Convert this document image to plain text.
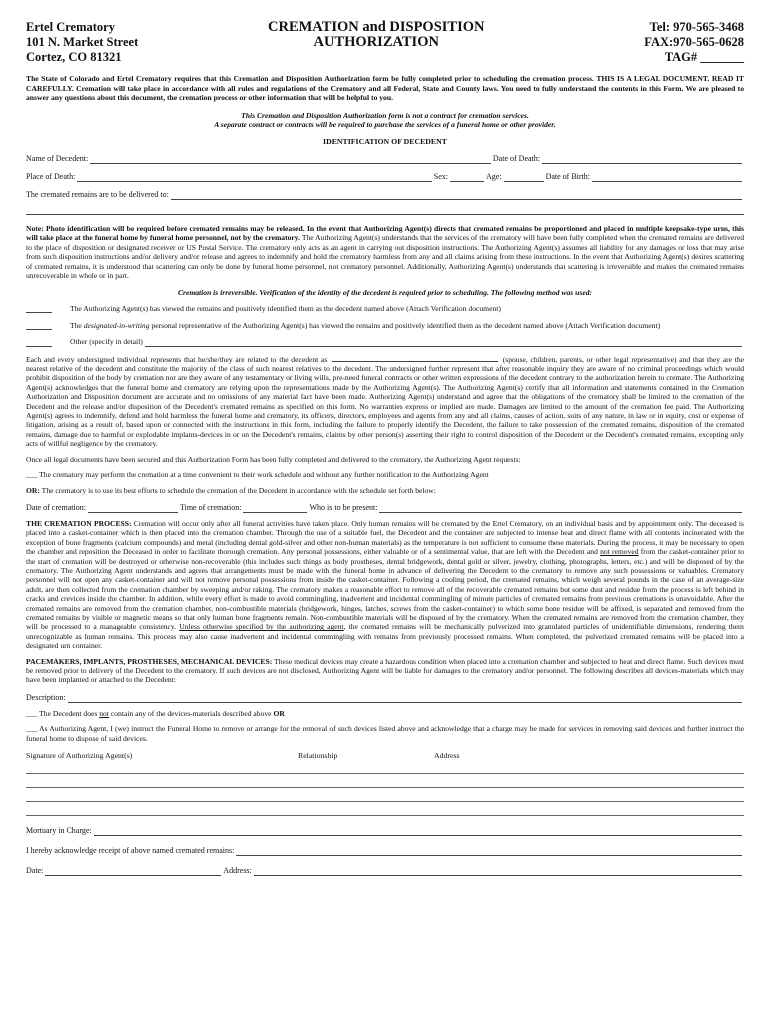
Ertel Crematory
101 N. Market Street
Cortez, CO 81321
CREMATION and DISPOSITION
AUTHORIZATION
Tel: 970-565-3468
FAX:970-565-0628
TAG# _______
The State of Colorado and Ertel Crematory requires that this Cremation and Disposition Authorization form be fully completed prior to scheduling the cremation process. THIS IS A LEGAL DOCUMENT. READ IT CAREFULLY. Cremation will take place in accordance with all rules and regulations of the Crematory and all Federal, State and County laws. You need to fully understand the contents in this Form. We are pleased to answer any questions about this document, the cremation process or other information that will be helpful to you.
This Cremation and Disposition Authorization form is not a contract for cremation services.
A separate contract or contracts will be required to purchase the services of a funeral home or other provider.
IDENTIFICATION OF DECEDENT
Name of Decedent:	Date of Death:
Place of Death:	Sex:	Age:	Date of Birth:
The cremated remains are to be delivered to:
Note: Photo identification will be required before cremated remains may be released. In the event that Authorizing Agent(s) directs that cremated remains be proportioned and placed in multiple keepsake-type urns, this will take place at the funeral home by funeral home personnel, not by the crematory. The Authorizing Agent(s) understands that the services of the crematory will have been fully completed when the cremated remains are delivered to the place of disposition or designated receiver or US Postal Service. The crematory only acts as an agent in carrying out disposition instructions. The Authorizing Agent(s) assumes all liability for any damages or loss that may arise from such disposition instructions and/or delivery and/or release and agrees to indemnify and hold the crematory harmless from any and all claims arising from these instructions. In the event that Authorizing Agent(s) desires scattering of cremated remains, it is understood that scattering can only be done by funeral home personnel, not crematory personnel. Additionally, Authorizing Agent(s) understands that scattering is irreversible and makes the cremated remains unrecoverable in whole or in part.
Cremation is irreversible. Verification of the identity of the decedent is required prior to scheduling. The following method was used:
The Authorizing Agent(s) has viewed the remains and positively identified them as the decedent named above (Attach Verification document)
The designated-in-writing personal representative of the Authorizing Agent(s) has viewed the remains and positively identified them as the decedent named above (Attach Verification document)
Other (specify in detail)
Each and every undersigned individual represents that he/she/they are related to the decedent as	(spouse, children, parents, or other legal representative) and that they are the nearest relative of the decedent and constitute the majority of the class of such nearest relatives to the decedent. The undersigned further represent that after reasonable inquiry they are aware of no criminal proceedings which would prohibit disposition of the body by cremation nor are they aware of any testamentary or living wills, pre-need funeral contracts or other written expressions of the decedent contrary to the authorization herein to cremate. The Authorizing Agent(s) acknowledges that the funeral home and crematory are relying upon the representations made by the Authorizing Agent(s). The Authorizing Agent(s) certify that all information and statements contained in the Cremation Authorization and Disposition document are accurate and no omissions of any material fact have been made. Authorizing Agent(s) understand and agree that the obligations of the crematory shall be limited to the cremation of the Decedent and the release and/or disposition of the Decedent's cremated remains as specified on this form. No warranties express or implied are made. Damages are limited to the amount of the cremation fee paid. The Authorizing Agent(s) agrees to indemnify, defend and hold harmless the funeral home and crematory, its officers, directors, employees and agents from any and all claims, causes of action, suits of any nature, in law or in equity, cost or expense of litigation, arising as a result of, based upon or connected with the instructions in this form, including the failure to properly identify the Decedent, the failure to take possession of the cremated remains, disposition of the cremated remains, damage due to harmful or explodable implants-devices in or on the Decedent's remains, claims by other person(s) asserting their right to control disposition of the Decedent or the Decedent's cremated remains, excepting only acts of willful negligence by the crematory.
Once all legal documents have been secured and this Authorization Form has been fully completed and delivered to the crematory, the Authorizing Agent requests:
___ The crematory may perform the cremation at a time convenient to their work schedule and without any further notification to the Authorizing Agent
OR: The crematory is to use its best efforts to schedule the cremation of the Decedent in accordance with the schedule set forth below:
Date of cremation:	Time of cremation:	Who is to be present:
THE CREMATION PROCESS: Cremation will occur only after all funeral activities have taken place. Only human remains will be cremated by the Ertel Crematory, on an individual basis and by appointment only. The deceased is placed into a casket-container which is then placed into the cremation chamber. Through the use of a suitable fuel, the Decedent and the container are subjected to intense heat and direct flame with all contents incinerated with the exception of bone fragments (calcium compounds) and metal (including dental gold-silver and other non-human materials) as the temperature is not sufficient to consume these materials. During the process, it may be necessary to open the chamber and reposition the Deceased in order to facilitate thorough cremation. Any personal possessions, either valuable or of a sentimental value, that are left with the Decedent and not removed from the casket-container prior to the start of cremation will be destroyed or otherwise non-recoverable (this includes such things as body prostheses, dental bridgework, dental gold or silver, jewelry, clothing, photographs, letters, etc.) and will be disposed of by the crematory. The Authorizing Agent understands and agrees that arrangements must be made with the funeral home in advance of delivering the Decedent to the crematory to remove any such possessions or valuables. Crematory personnel will not open any casket-container and will not remove personal possessions from inside the casket-container. Following a cooling period, the cremated remains, which weigh several pounds in the case of an average-size adult, are then collected from the cremation chamber by sweeping and/or raking. The crematory makes a reasonable effort to remove all of the recoverable cremated remains but some dust and residue from the process is left behind in cracks and crevices inside the chamber. In addition, while every effort is made to avoid commingling, inadvertent and incidental commingling of minute particles of cremated remains from previous cremations is unavoidable. After the cremated remains are removed from the cremation chamber, non-combustible materials (bridgework, hinges, latches, screws from the casket-container) to which some bone residue will be affixed, is separated and removed from the cremated remains by visible or magnetic means so that only human bone fragments remain. Non-combustible materials will be disposed of by the crematory. When the cremated remains are removed from the cremation chamber, they will be processed to a manageable consistency. Unless otherwise specified by the authorizing agent, the cremated remains will be mechanically pulverized into granulated particles of unidentifiable dimensions, rendering them unrecognizable as human remains. This process may also cause inadvertent and incidental commingling with remains from previously processed remains. When completed, the pulverized cremated remains will be placed into a designated urn container.
PACEMAKERS, IMPLANTS, PROSTHESES, MECHANICAL DEVICES: These medical devices may create a hazardous condition when placed into a cremation chamber and subjected to heat and direct flame. Such devices must be removed prior to delivery of the Decedent to the crematory. If such devices are not disclosed, Authorizing Agent will be liable for damages to the crematory and/or personnel. The following describes all devices-materials which may have been implanted or attached to the Decedent:
Description:
___ The Decedent does not contain any of the devices-materials described above OR
___ As Authorizing Agent, I (we) instruct the Funeral Home to remove or arrange for the removal of such devices listed above and acknowledge that a charge may be made for services in removing said devices and further instruct the funeral home to dispose of said devices.
Signature of Authorizing Agent(s)	Relationship	Address
Mortuary in Charge:
I hereby acknowledge receipt of above named cremated remains:
Date:	Address:
